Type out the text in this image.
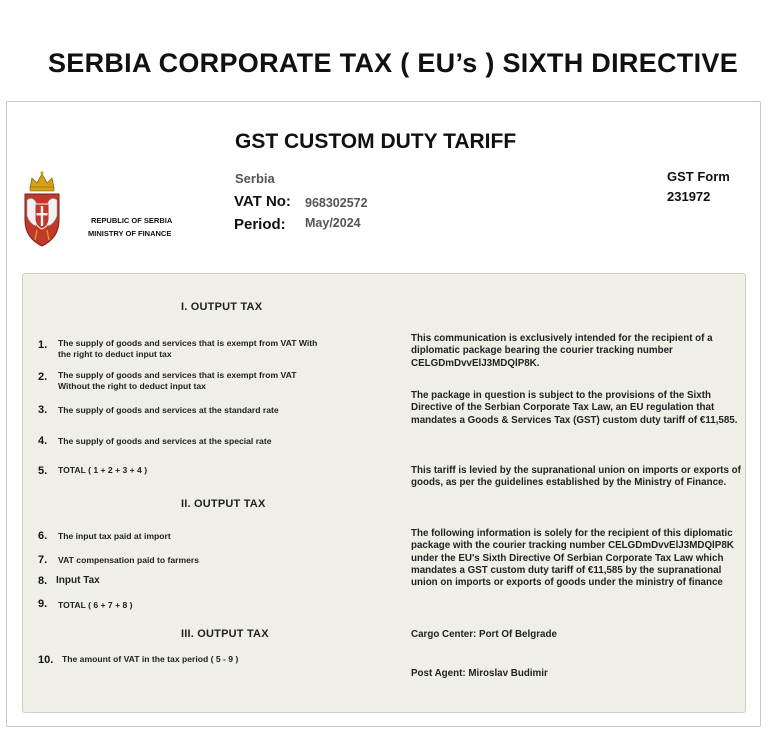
SERBIA CORPORATE TAX ( EU’s ) SIXTH DIRECTIVE
REPUBLIC OF SERBIA
MINISTRY OF FINANCE
GST CUSTOM DUTY TARIFF
Serbia
VAT No: 968302572
Period: May/2024
GST Form
231972
I. OUTPUT TAX
1. The supply of goods and services that is exempt from VAT With the right to deduct input tax
2. The supply of goods and services that is exempt from VAT Without the right to deduct input tax
3. The supply of goods and services at the standard rate
4. The supply of goods and services at the special rate
5. TOTAL ( 1 + 2 + 3 + 4 )
II. OUTPUT TAX
6. The input tax paid at import
7. VAT compensation paid to farmers
8. Input Tax
9. TOTAL ( 6 + 7 + 8 )
III. OUTPUT TAX
10. The amount of VAT in the tax period ( 5 - 9 )
This communication is exclusively intended for the recipient of a diplomatic package bearing the courier tracking number CELGDmDvvElJ3MDQlP8K.
The package in question is subject to the provisions of the Sixth Directive of the Serbian Corporate Tax Law, an EU regulation that mandates a Goods & Services Tax (GST) custom duty tariff of €11,585.
This tariff is levied by the supranational union on imports or exports of goods, as per the guidelines established by the Ministry of Finance.
The following information is solely for the recipient of this diplomatic package with the courier tracking number CELGDmDvvElJ3MDQlP8K under the EU's Sixth Directive Of Serbian Corporate Tax Law which mandates a GST custom duty tariff of €11,585 by the supranational union on imports or exports of goods under the ministry of finance
Cargo Center: Port Of Belgrade
Post Agent: Miroslav Budimir
